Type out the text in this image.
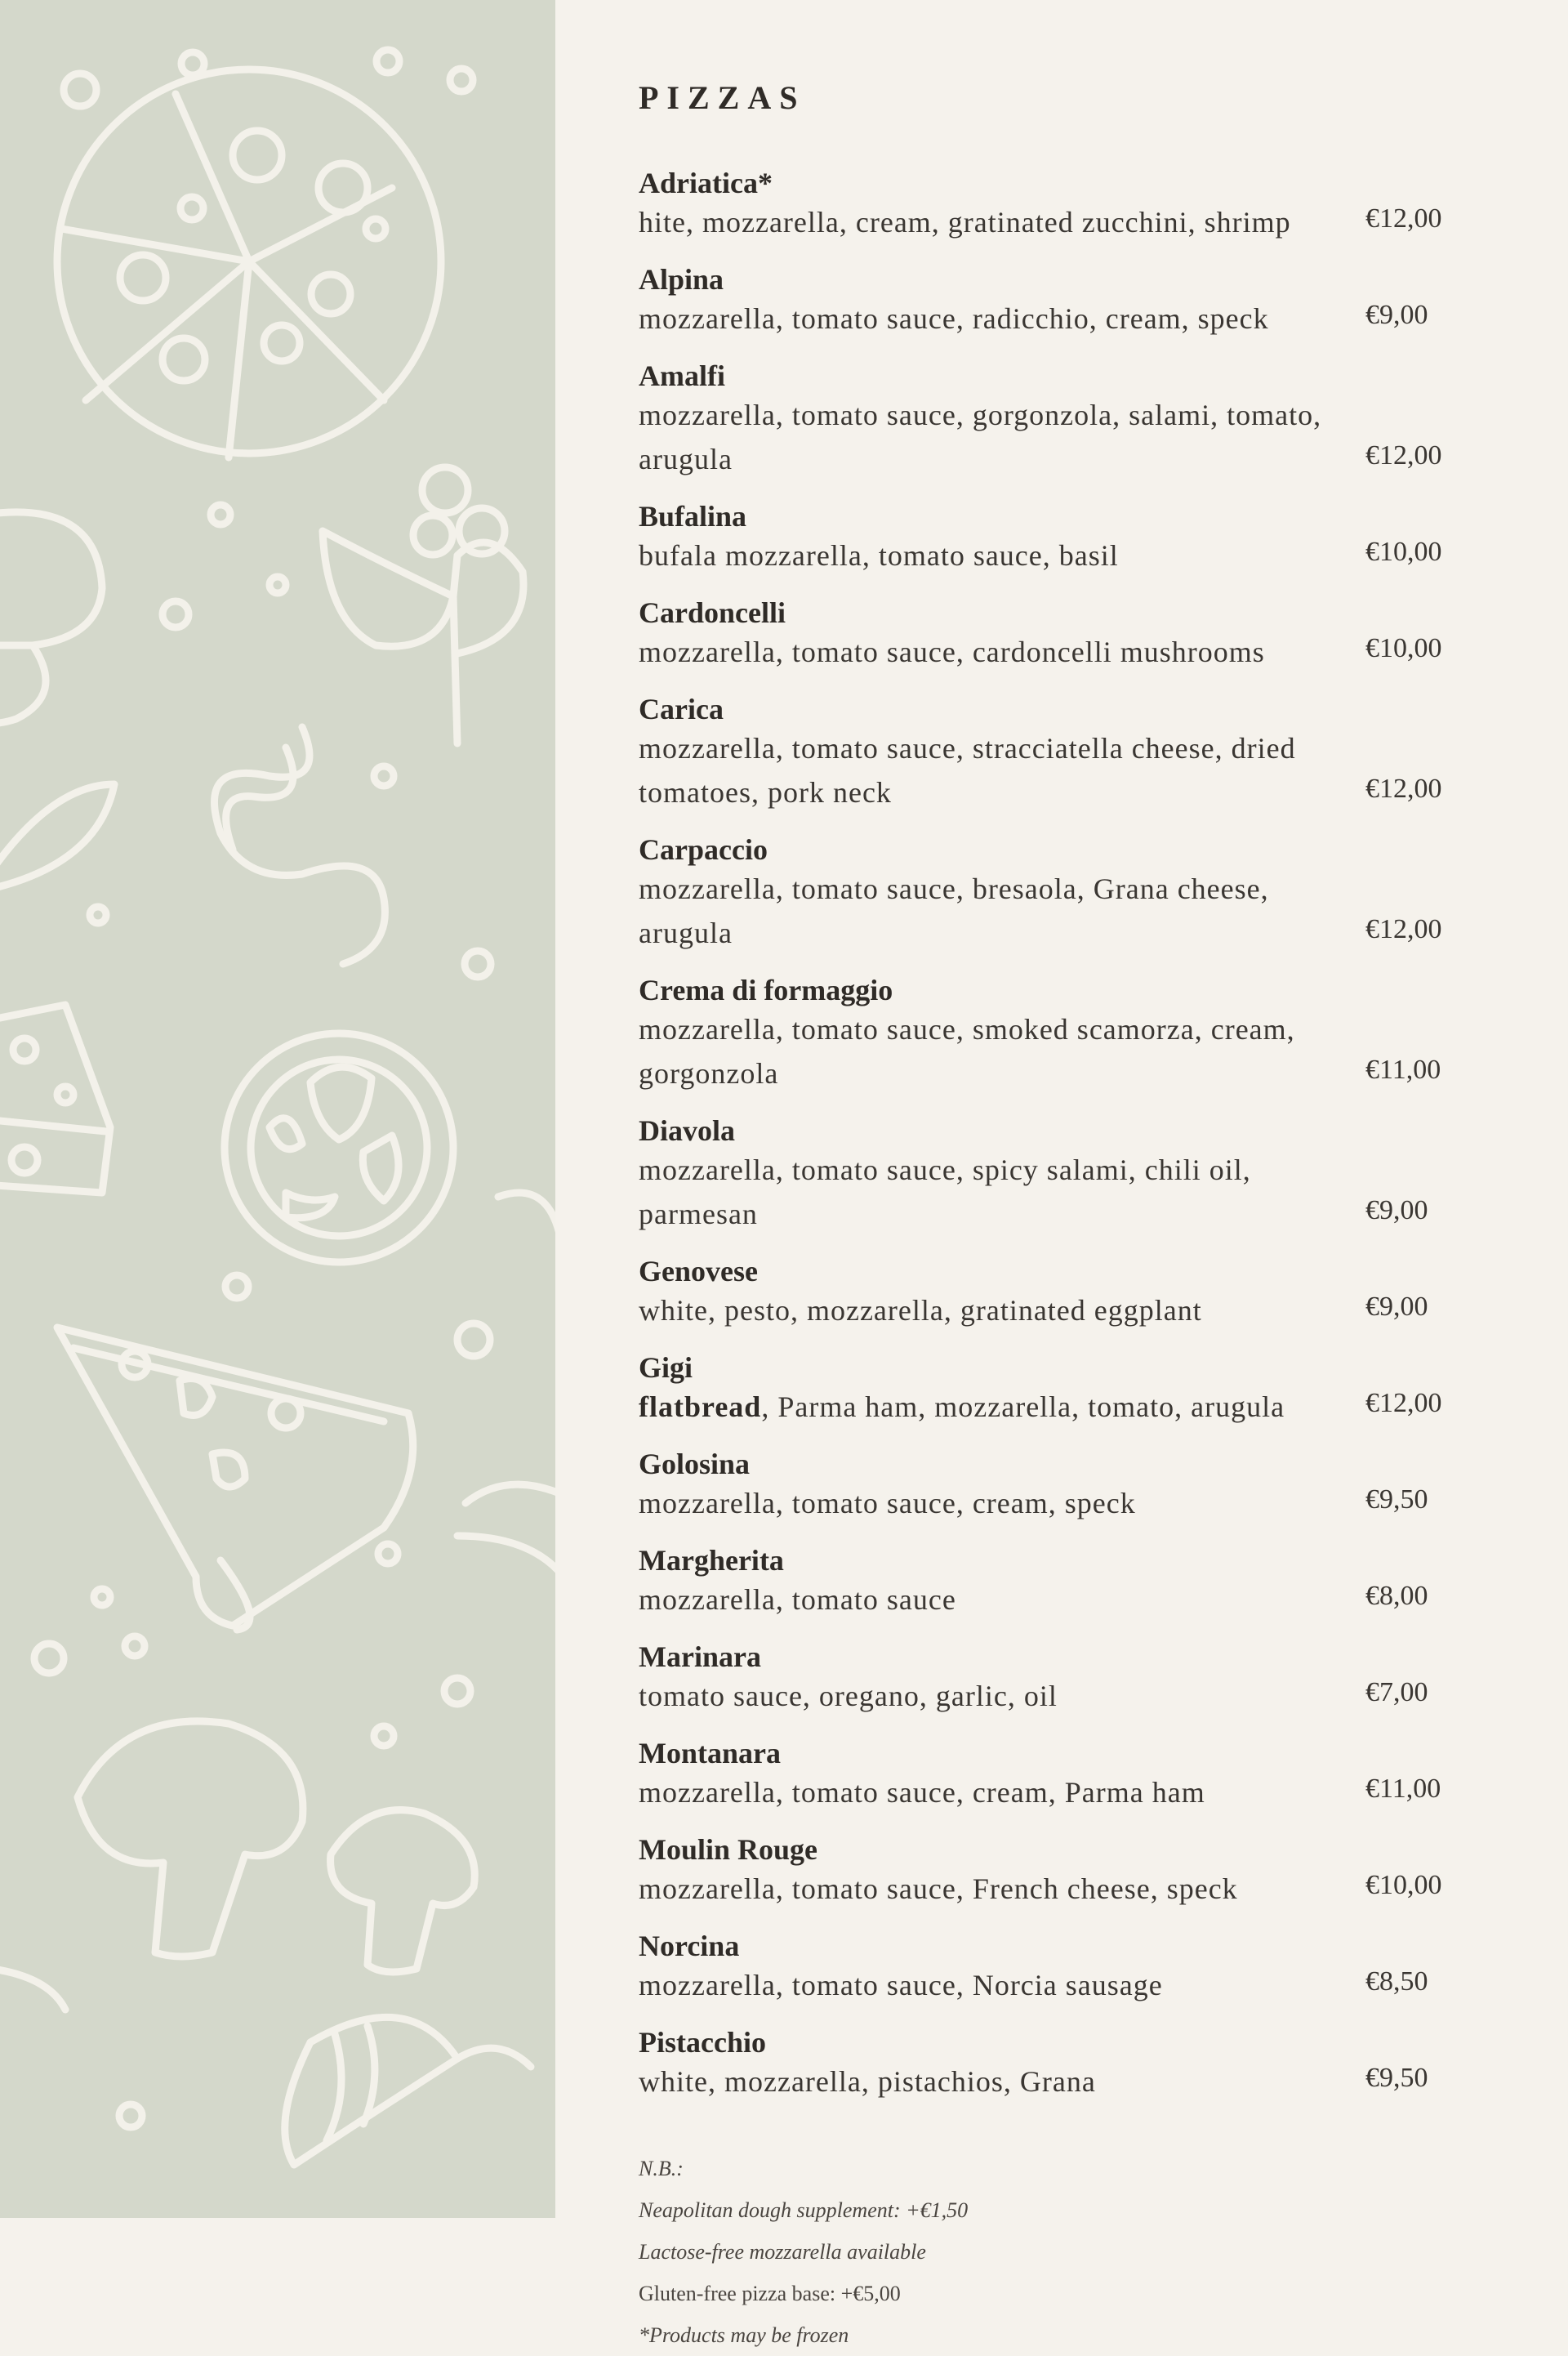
PIZZAS
Adriatica*
hite, mozzarella, cream, gratinated zucchini, shrimp	€12,00
Alpina
mozzarella, tomato sauce, radicchio, cream, speck	€9,00
Amalfi
mozzarella, tomato sauce, gorgonzola, salami, tomato, arugula	€12,00
Bufalina
bufala mozzarella, tomato sauce, basil	€10,00
Cardoncelli
mozzarella, tomato sauce, cardoncelli mushrooms	€10,00
Carica
mozzarella, tomato sauce, stracciatella cheese, dried tomatoes, pork neck	€12,00
Carpaccio
mozzarella, tomato sauce, bresaola, Grana cheese, arugula	€12,00
Crema di formaggio
mozzarella, tomato sauce, smoked scamorza, cream, gorgonzola	€11,00
Diavola
mozzarella, tomato sauce, spicy salami, chili oil, parmesan	€9,00
Genovese
white, pesto, mozzarella, gratinated eggplant	€9,00
Gigi
flatbread, Parma ham, mozzarella, tomato, arugula	€12,00
Golosina
mozzarella, tomato sauce, cream, speck	€9,50
Margherita
mozzarella, tomato sauce	€8,00
Marinara
tomato sauce, oregano, garlic, oil	€7,00
Montanara
mozzarella, tomato sauce, cream, Parma ham	€11,00
Moulin Rouge
mozzarella, tomato sauce, French cheese, speck	€10,00
Norcina
mozzarella, tomato sauce, Norcia sausage	€8,50
Pistacchio
white, mozzarella, pistachios, Grana	€9,50
N.B.:
Neapolitan dough supplement: +€1,50
Lactose-free mozzarella available
Gluten-free pizza base: +€5,00
*Products may be frozen
